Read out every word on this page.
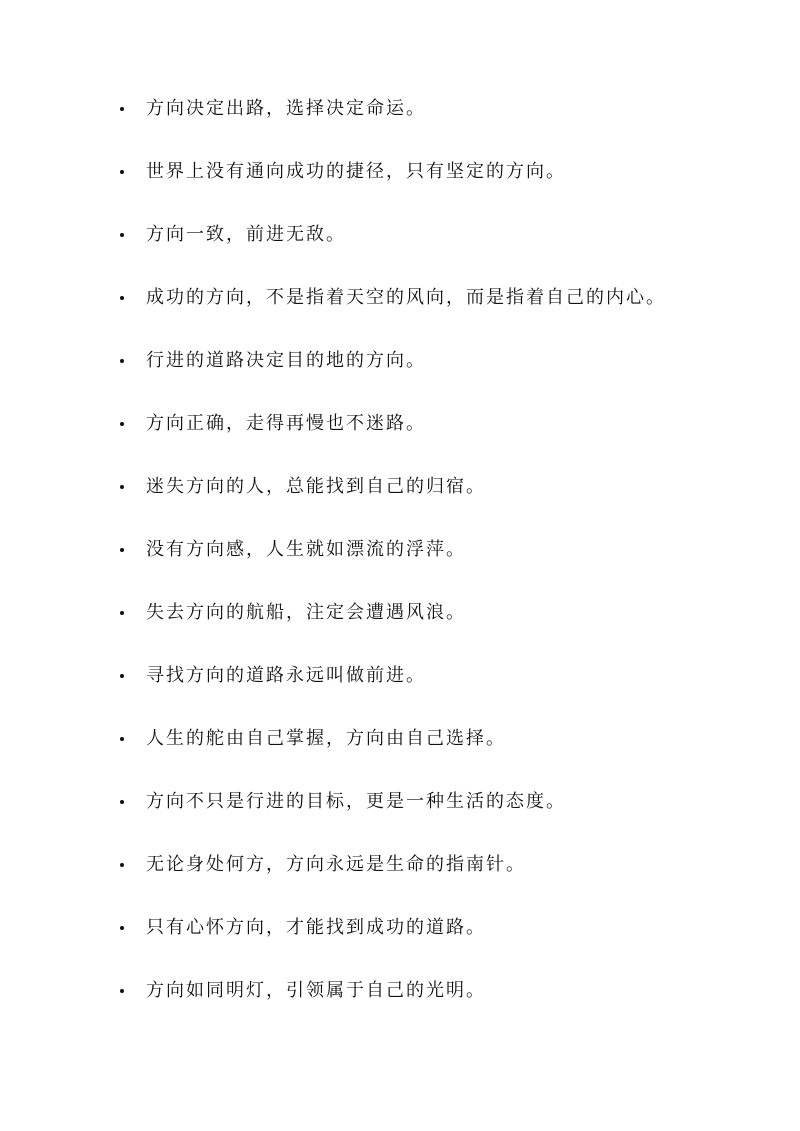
方向决定出路，选择决定命运。
世界上没有通向成功的捷径，只有坚定的方向。
方向一致，前进无敌。
成功的方向，不是指着天空的风向，而是指着自己的内心。
行进的道路决定目的地的方向。
方向正确，走得再慢也不迷路。
迷失方向的人，总能找到自己的归宿。
没有方向感，人生就如漂流的浮萍。
失去方向的航船，注定会遭遇风浪。
寻找方向的道路永远叫做前进。
人生的舵由自己掌握，方向由自己选择。
方向不只是行进的目标，更是一种生活的态度。
无论身处何方，方向永远是生命的指南针。
只有心怀方向，才能找到成功的道路。
方向如同明灯，引领属于自己的光明。
